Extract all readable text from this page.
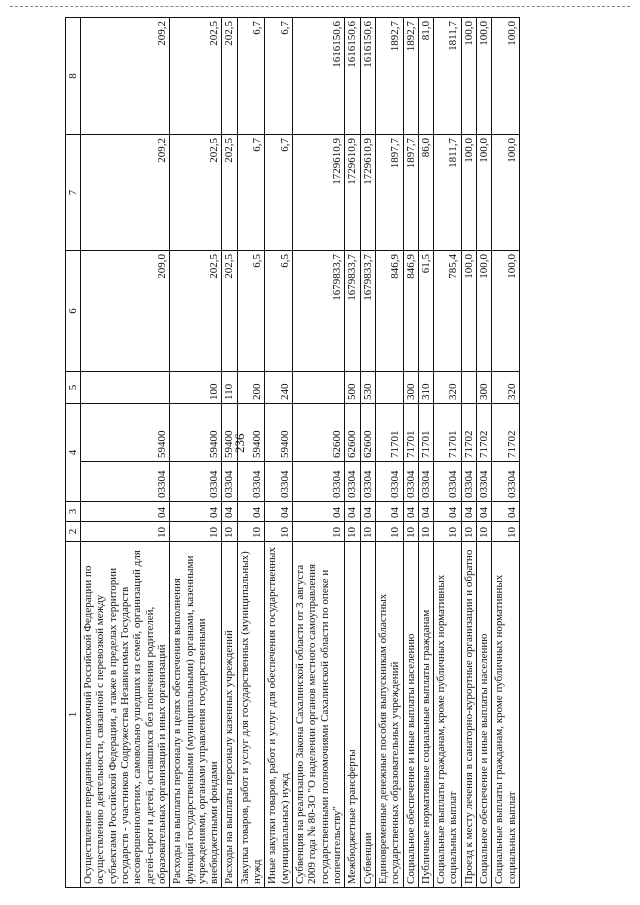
236
1	2	3	4		5	6	7	8
Осуществление переданных полномочий Российской Федерации по осуществлению деятельности, связанной с перевозкой между субъектами Российской Федерации, а также в пределах территории государств - участников Содружества Независимых Государств несовершеннолетних, самовольно ушедших из семей, организаций для детей-сирот и детей, оставшихся без попечения родителей, образовательных организаций и иных организаций	10	04	03304	59400		209,0	209,2	209,2
Расходы на выплаты персоналу в целях обеспечения выполнения функций государственными (муниципальными) органами, казенными учреждениями, органами управления государственными внебюджетными фондами	10	04	03304	59400	100	202,5	202,5	202,5
Расходы на выплаты персоналу казенных учреждений	10	04	03304	59400	110	202,5	202,5	202,5
Закупка товаров, работ и услуг для государственных (муниципальных) нужд	10	04	03304	59400	200	6,5	6,7	6,7
Иные закупки товаров, работ и услуг для обеспечения государственных (муниципальных) нужд	10	04	03304	59400	240	6,5	6,7	6,7
Субвенция на реализацию Закона Сахалинской области от 3 августа 2009 года № 80-ЗО "О наделении органов местного самоуправления государственными полномочиями Сахалинской области по опеке и попечительству"	10	04	03304	62600		1679833,7	1729610,9	1616150,6
Межбюджетные трансферты	10	04	03304	62600	500	1679833,7	1729610,9	1616150,6
Субвенции	10	04	03304	62600	530	1679833,7	1729610,9	1616150,6
Единовременные денежные пособия выпускникам областных государственных образовательных учреждений	10	04	03304	71701		846,9	1897,7	1892,7
Социальное обеспечение и иные выплаты населению	10	04	03304	71701	300	846,9	1897,7	1892,7
Публичные нормативные социальные выплаты гражданам	10	04	03304	71701	310	61,5	86,0	81,0
Социальные выплаты гражданам, кроме публичных нормативных социальных выплат	10	04	03304	71701	320	785,4	1811,7	1811,7
Проезд к месту лечения в санаторно-курортные организации и обратно	10	04	03304	71702		100,0	100,0	100,0
Социальное обеспечение и иные выплаты населению	10	04	03304	71702	300	100,0	100,0	100,0
Социальные выплаты гражданам, кроме публичных нормативных социальных выплат	10	04	03304	71702	320	100,0	100,0	100,0
